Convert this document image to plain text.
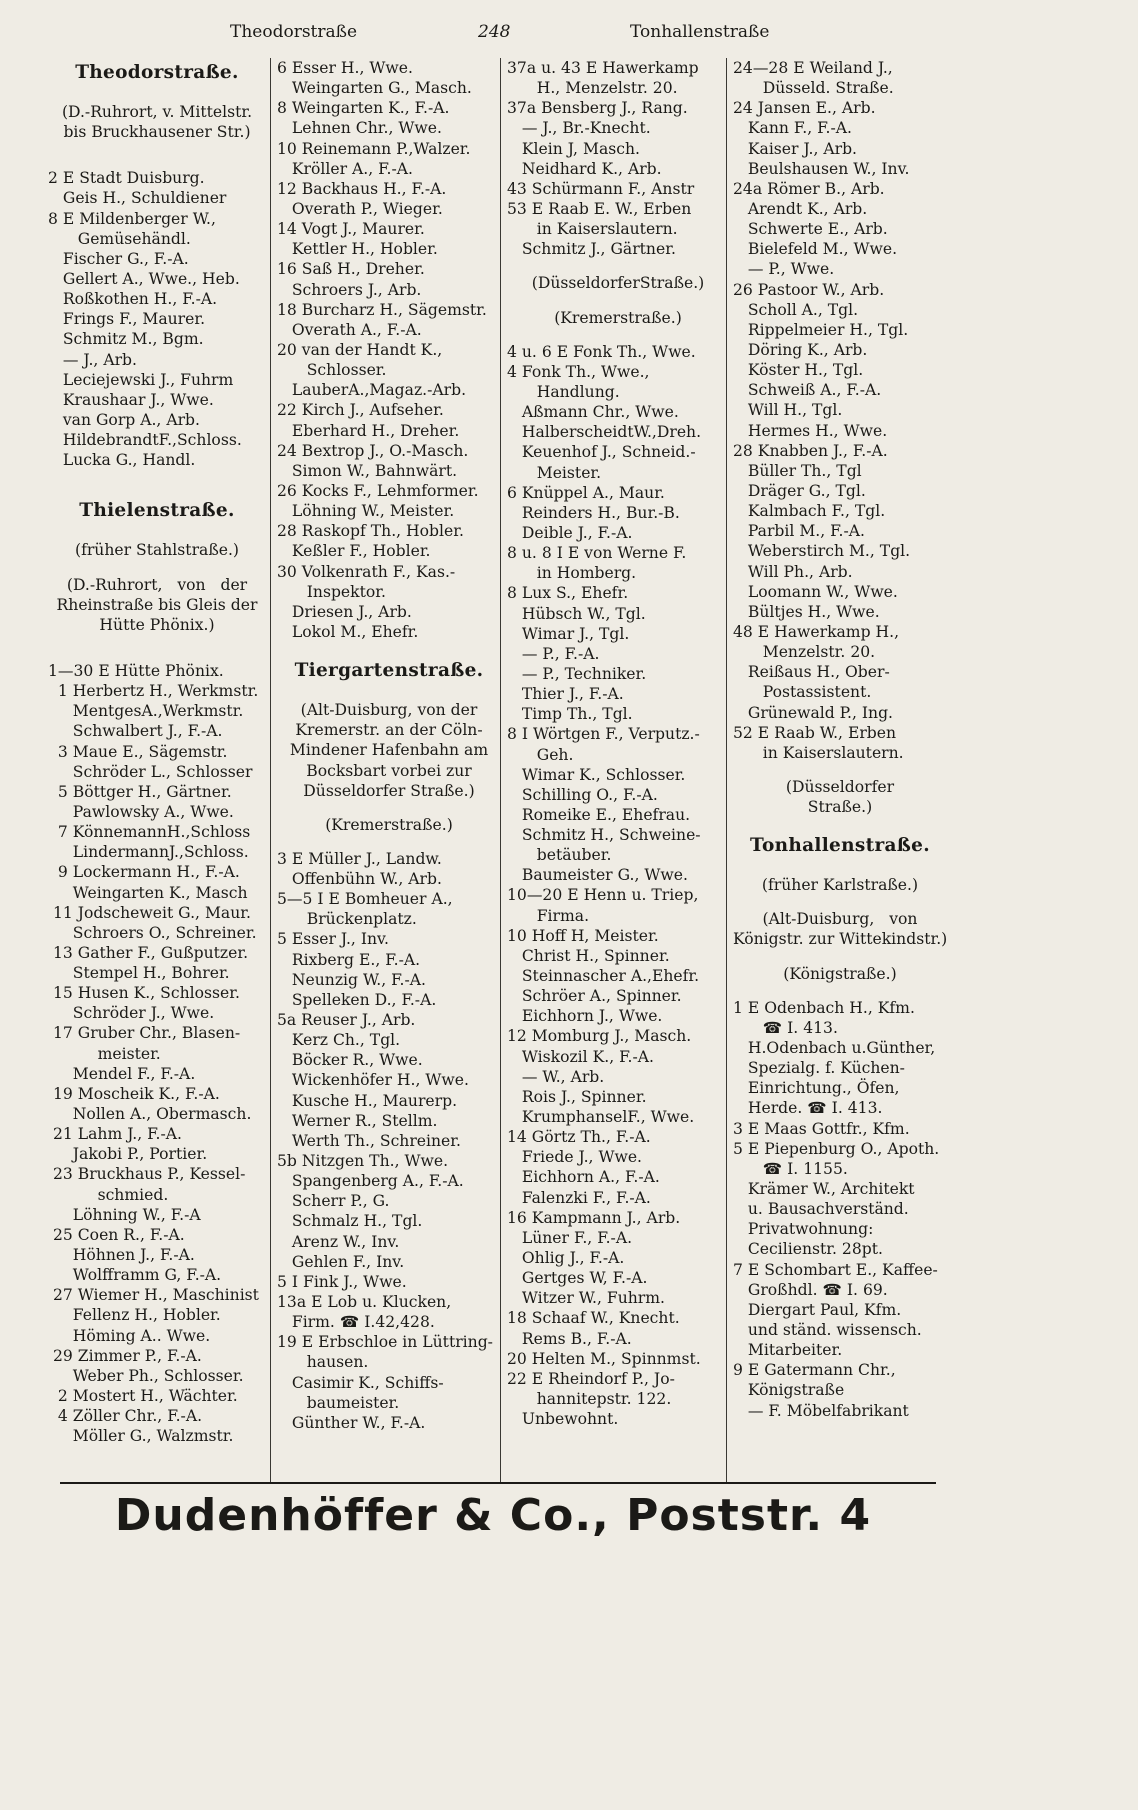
Theodorstraße	248	Tonhallenstraße
Theodorstraße.
(D.-Ruhrort, v. Mittelstr.
bis Bruckhausener Str.)
2 E Stadt Duisburg.
Geis H., Schuldiener
8 E Mildenberger W.,
Gemüsehändl.
Fischer G., F.-A.
Gellert A., Wwe., Heb.
Roßkothen H., F.-A.
Frings F., Maurer.
Schmitz M., Bgm.
— J., Arb.
Leciejewski J., Fuhrm
Kraushaar J., Wwe.
van Gorp A., Arb.
HildebrandtF.,Schloss.
Lucka G., Handl.
Thielenstraße.
(früher Stahlstraße.)
(D.-Ruhrort,   von   der
Rheinstraße bis Gleis der
Hütte Phönix.)
1—30 E Hütte Phönix.
1 Herbertz H., Werkmstr.
MentgesA.,Werkmstr.
Schwalbert J., F.-A.
3 Maue E., Sägemstr.
Schröder L., Schlosser
5 Böttger H., Gärtner.
Pawlowsky A., Wwe.
7 KönnemannH.,Schloss
LindermannJ.,Schloss.
9 Lockermann H., F.-A.
Weingarten K., Masch
11 Jodscheweit G., Maur.
Schroers O., Schreiner.
13 Gather F., Gußputzer.
Stempel H., Bohrer.
15 Husen K., Schlosser.
Schröder J., Wwe.
17 Gruber Chr., Blasen-
meister.
Mendel F., F.-A.
19 Moscheik K., F.-A.
Nollen A., Obermasch.
21 Lahm J., F.-A.
Jakobi P., Portier.
23 Bruckhaus P., Kessel-
schmied.
Löhning W., F.-A
25 Coen R., F.-A.
Höhnen J., F.-A.
Wolfframm G, F.-A.
27 Wiemer H., Maschinist
Fellenz H., Hobler.
Höming A.. Wwe.
29 Zimmer P., F.-A.
Weber Ph., Schlosser.
2 Mostert H., Wächter.
4 Zöller Chr., F.-A.
Möller G., Walzmstr.
6 Esser H., Wwe.
Weingarten G., Masch.
8 Weingarten K., F.-A.
Lehnen Chr., Wwe.
10 Reinemann P.,Walzer.
Kröller A., F.-A.
12 Backhaus H., F.-A.
Overath P., Wieger.
14 Vogt J., Maurer.
Kettler H., Hobler.
16 Saß H., Dreher.
Schroers J., Arb.
18 Burcharz H., Sägemstr.
Overath A., F.-A.
20 van der Handt K.,
Schlosser.
LauberA.,Magaz.-Arb.
22 Kirch J., Aufseher.
Eberhard H., Dreher.
24 Bextrop J., O.-Masch.
Simon W., Bahnwärt.
26 Kocks F., Lehmformer.
Löhning W., Meister.
28 Raskopf Th., Hobler.
Keßler F., Hobler.
30 Volkenrath F., Kas.-
Inspektor.
Driesen J., Arb.
Lokol M., Ehefr.
Tiergartenstraße.
(Alt-Duisburg, von der
Kremerstr. an der Cöln-
Mindener Hafenbahn am
Bocksbart vorbei zur
Düsseldorfer Straße.)
(Kremerstraße.)
3 E Müller J., Landw.
Offenbühn W., Arb.
5—5 I E Bomheuer A.,
Brückenplatz.
5 Esser J., Inv.
Rixberg E., F.-A.
Neunzig W., F.-A.
Spelleken D., F.-A.
5a Reuser J., Arb.
Kerz Ch., Tgl.
Böcker R., Wwe.
Wickenhöfer H., Wwe.
Kusche H., Maurerp.
Werner R., Stellm.
Werth Th., Schreiner.
5b Nitzgen Th., Wwe.
Spangenberg A., F.-A.
Scherr P., G.
Schmalz H., Tgl.
Arenz W., Inv.
Gehlen F., Inv.
5 I Fink J., Wwe.
13a E Lob u. Klucken,
Firm. ☎ I.42,428.
19 E Erbschloe in Lüttring-
hausen.
Casimir K., Schiffs-
baumeister.
Günther W., F.-A.
37a u. 43 E Hawerkamp
H., Menzelstr. 20.
37a Bensberg J., Rang.
— J., Br.-Knecht.
Klein J, Masch.
Neidhard K., Arb.
43 Schürmann F., Anstr
53 E Raab E. W., Erben
in Kaiserslautern.
Schmitz J., Gärtner.
(DüsseldorferStraße.)
(Kremerstraße.)
4 u. 6 E Fonk Th., Wwe.
4 Fonk Th., Wwe.,
Handlung.
Aßmann Chr., Wwe.
HalberscheidtW.,Dreh.
Keuenhof J., Schneid.-
Meister.
6 Knüppel A., Maur.
Reinders H., Bur.-B.
Deible J., F.-A.
8 u. 8 I E von Werne F.
in Homberg.
8 Lux S., Ehefr.
Hübsch W., Tgl.
Wimar J., Tgl.
— P., F.-A.
— P., Techniker.
Thier J., F.-A.
Timp Th., Tgl.
8 I Wörtgen F., Verputz.-
Geh.
Wimar K., Schlosser.
Schilling O., F.-A.
Romeike E., Ehefrau.
Schmitz H., Schweine-
betäuber.
Baumeister G., Wwe.
10—20 E Henn u. Triep,
Firma.
10 Hoff H, Meister.
Christ H., Spinner.
Steinnascher A.,Ehefr.
Schröer A., Spinner.
Eichhorn J., Wwe.
12 Momburg J., Masch.
Wiskozil K., F.-A.
— W., Arb.
Rois J., Spinner.
KrumphanselF., Wwe.
14 Görtz Th., F.-A.
Friede J., Wwe.
Eichhorn A., F.-A.
Falenzki F., F.-A.
16 Kampmann J., Arb.
Lüner F., F.-A.
Ohlig J., F.-A.
Gertges W, F.-A.
Witzer W., Fuhrm.
18 Schaaf W., Knecht.
Rems B., F.-A.
20 Helten M., Spinnmst.
22 E Rheindorf P., Jo-
hannitерstr. 122.
Unbewohnt.
24—28 E Weiland J.,
Düsseld. Straße.
24 Jansen E., Arb.
Kann F., F.-A.
Kaiser J., Arb.
Beulshausen W., Inv.
24a Römer B., Arb.
Arendt K., Arb.
Schwerte E., Arb.
Bielefeld M., Wwe.
— P., Wwe.
26 Pastoor W., Arb.
Scholl A., Tgl.
Rippelmeier H., Tgl.
Döring K., Arb.
Köster H., Tgl.
Schweiß A., F.-A.
Will H., Tgl.
Hermes H., Wwe.
28 Knabben J., F.-A.
Büller Th., Tgl
Dräger G., Tgl.
Kalmbach F., Tgl.
Parbil M., F.-A.
Weberstirch M., Tgl.
Will Ph., Arb.
Loomann W., Wwe.
Bültjes H., Wwe.
48 E Hawerkamp H.,
Menzelstr. 20.
Reißaus H., Ober-
Postassistent.
Grünewald P., Ing.
52 E Raab W., Erben
in Kaiserslautern.
(Düsseldorfer
Straße.)
Tonhallenstraße.
(früher Karlstraße.)
(Alt-Duisburg,   von
Königstr. zur Wittekindstr.)
(Königstraße.)
1 E Odenbach H., Kfm.
☎ I. 413.
H.Odenbach u.Günther,
Spezialg. f. Küchen-
Einrichtung., Öfen,
Herde. ☎ I. 413.
3 E Maas Gottfr., Kfm.
5 E Piepenburg O., Apoth.
☎ I. 1155.
Krämer W., Architekt
u. Bausachverständ.
Privatwohnung:
Cecilienstr. 28pt.
7 E Schombart E., Kaffee-
Großhdl. ☎ I. 69.
Diergart Paul, Kfm.
und ständ. wissensch.
Mitarbeiter.
9 E Gatermann Chr.,
Königstraße
— F. Möbelfabrikant
Dudenhöffer & Co., Poststr. 4
